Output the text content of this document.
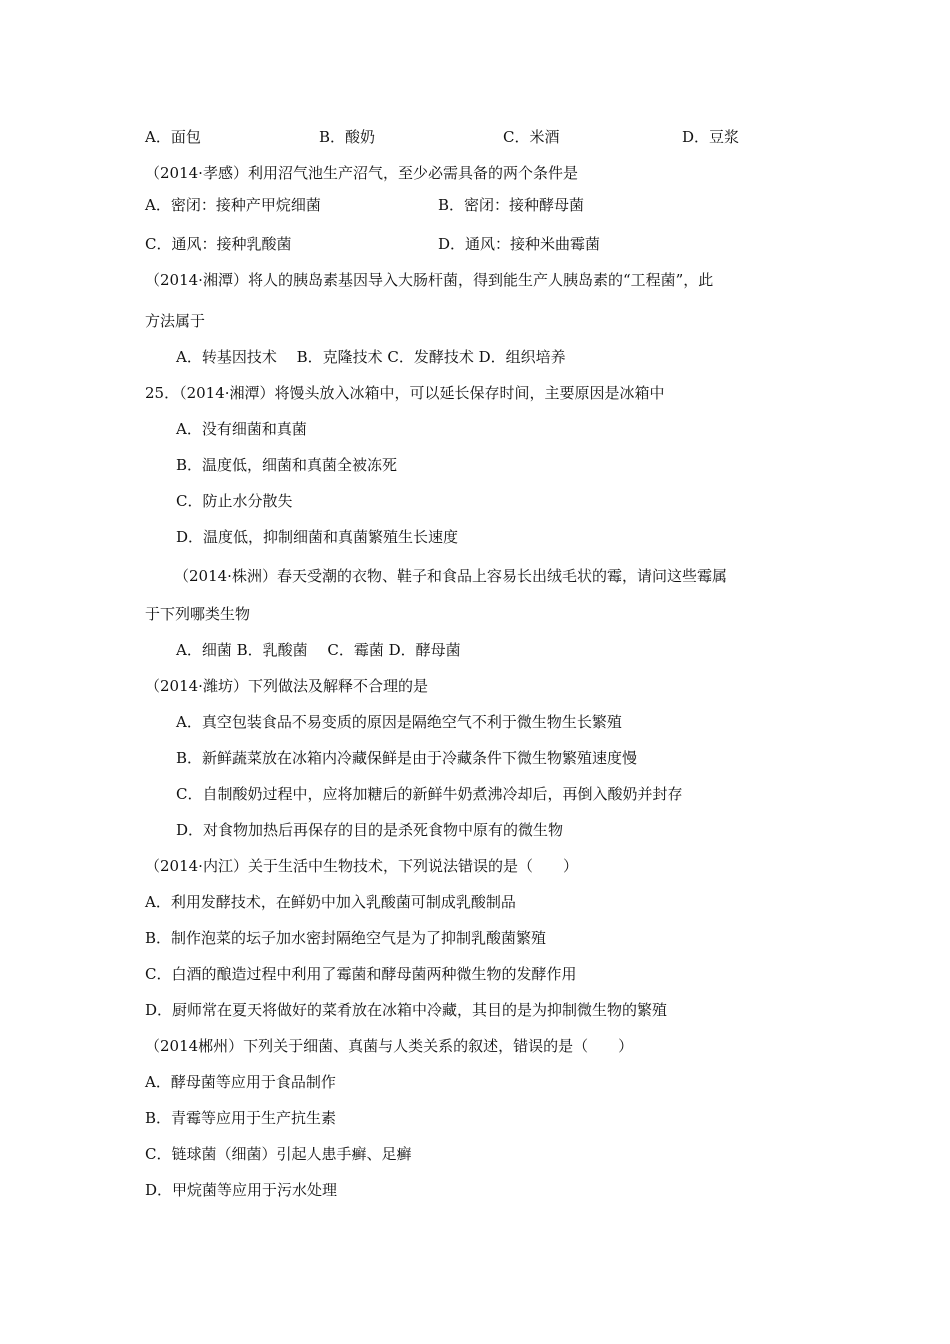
A．面包	B．酸奶	C．米酒	D．豆浆
（2014·孝感）利用沼气池生产沼气，至少必需具备的两个条件是
A．密闭：接种产甲烷细菌	B．密闭：接种酵母菌
C．通风：接种乳酸菌	D．通风：接种米曲霉菌
（2014·湘潭）将人的胰岛素基因导入大肠杆菌，得到能生产人胰岛素的“工程菌”，此
方法属于
A．转基因技术　 B．克隆技术 C．发酵技术 D．组织培养
25．（2014·湘潭）将馒头放入冰箱中，可以延长保存时间，主要原因是冰箱中
A．没有细菌和真菌
B．温度低，细菌和真菌全被冻死
C．防止水分散失
D．温度低，抑制细菌和真菌繁殖生长速度
（2014·株洲）春天受潮的衣物、鞋子和食品上容易长出绒毛状的霉，请问这些霉属
于下列哪类生物
A．细菌 B．乳酸菌　 C．霉菌 D．酵母菌
（2014·潍坊）下列做法及解释不合理的是
A．真空包装食品不易变质的原因是隔绝空气不利于微生物生长繁殖
B．新鲜蔬菜放在冰箱内冷藏保鲜是由于冷藏条件下微生物繁殖速度慢
C．自制酸奶过程中，应将加糖后的新鲜牛奶煮沸冷却后，再倒入酸奶并封存
D．对食物加热后再保存的目的是杀死食物中原有的微生物
（2014·内江）关于生活中生物技术，下列说法错误的是（　　）
A．利用发酵技术，在鲜奶中加入乳酸菌可制成乳酸制品
B．制作泡菜的坛子加水密封隔绝空气是为了抑制乳酸菌繁殖
C．白酒的酿造过程中利用了霉菌和酵母菌两种微生物的发酵作用
D．厨师常在夏天将做好的菜肴放在冰箱中冷藏，其目的是为抑制微生物的繁殖
（2014郴州）下列关于细菌、真菌与人类关系的叙述，错误的是（　　）
A．酵母菌等应用于食品制作
B．青霉等应用于生产抗生素
C．链球菌（细菌）引起人患手癣、足癣
D．甲烷菌等应用于污水处理
